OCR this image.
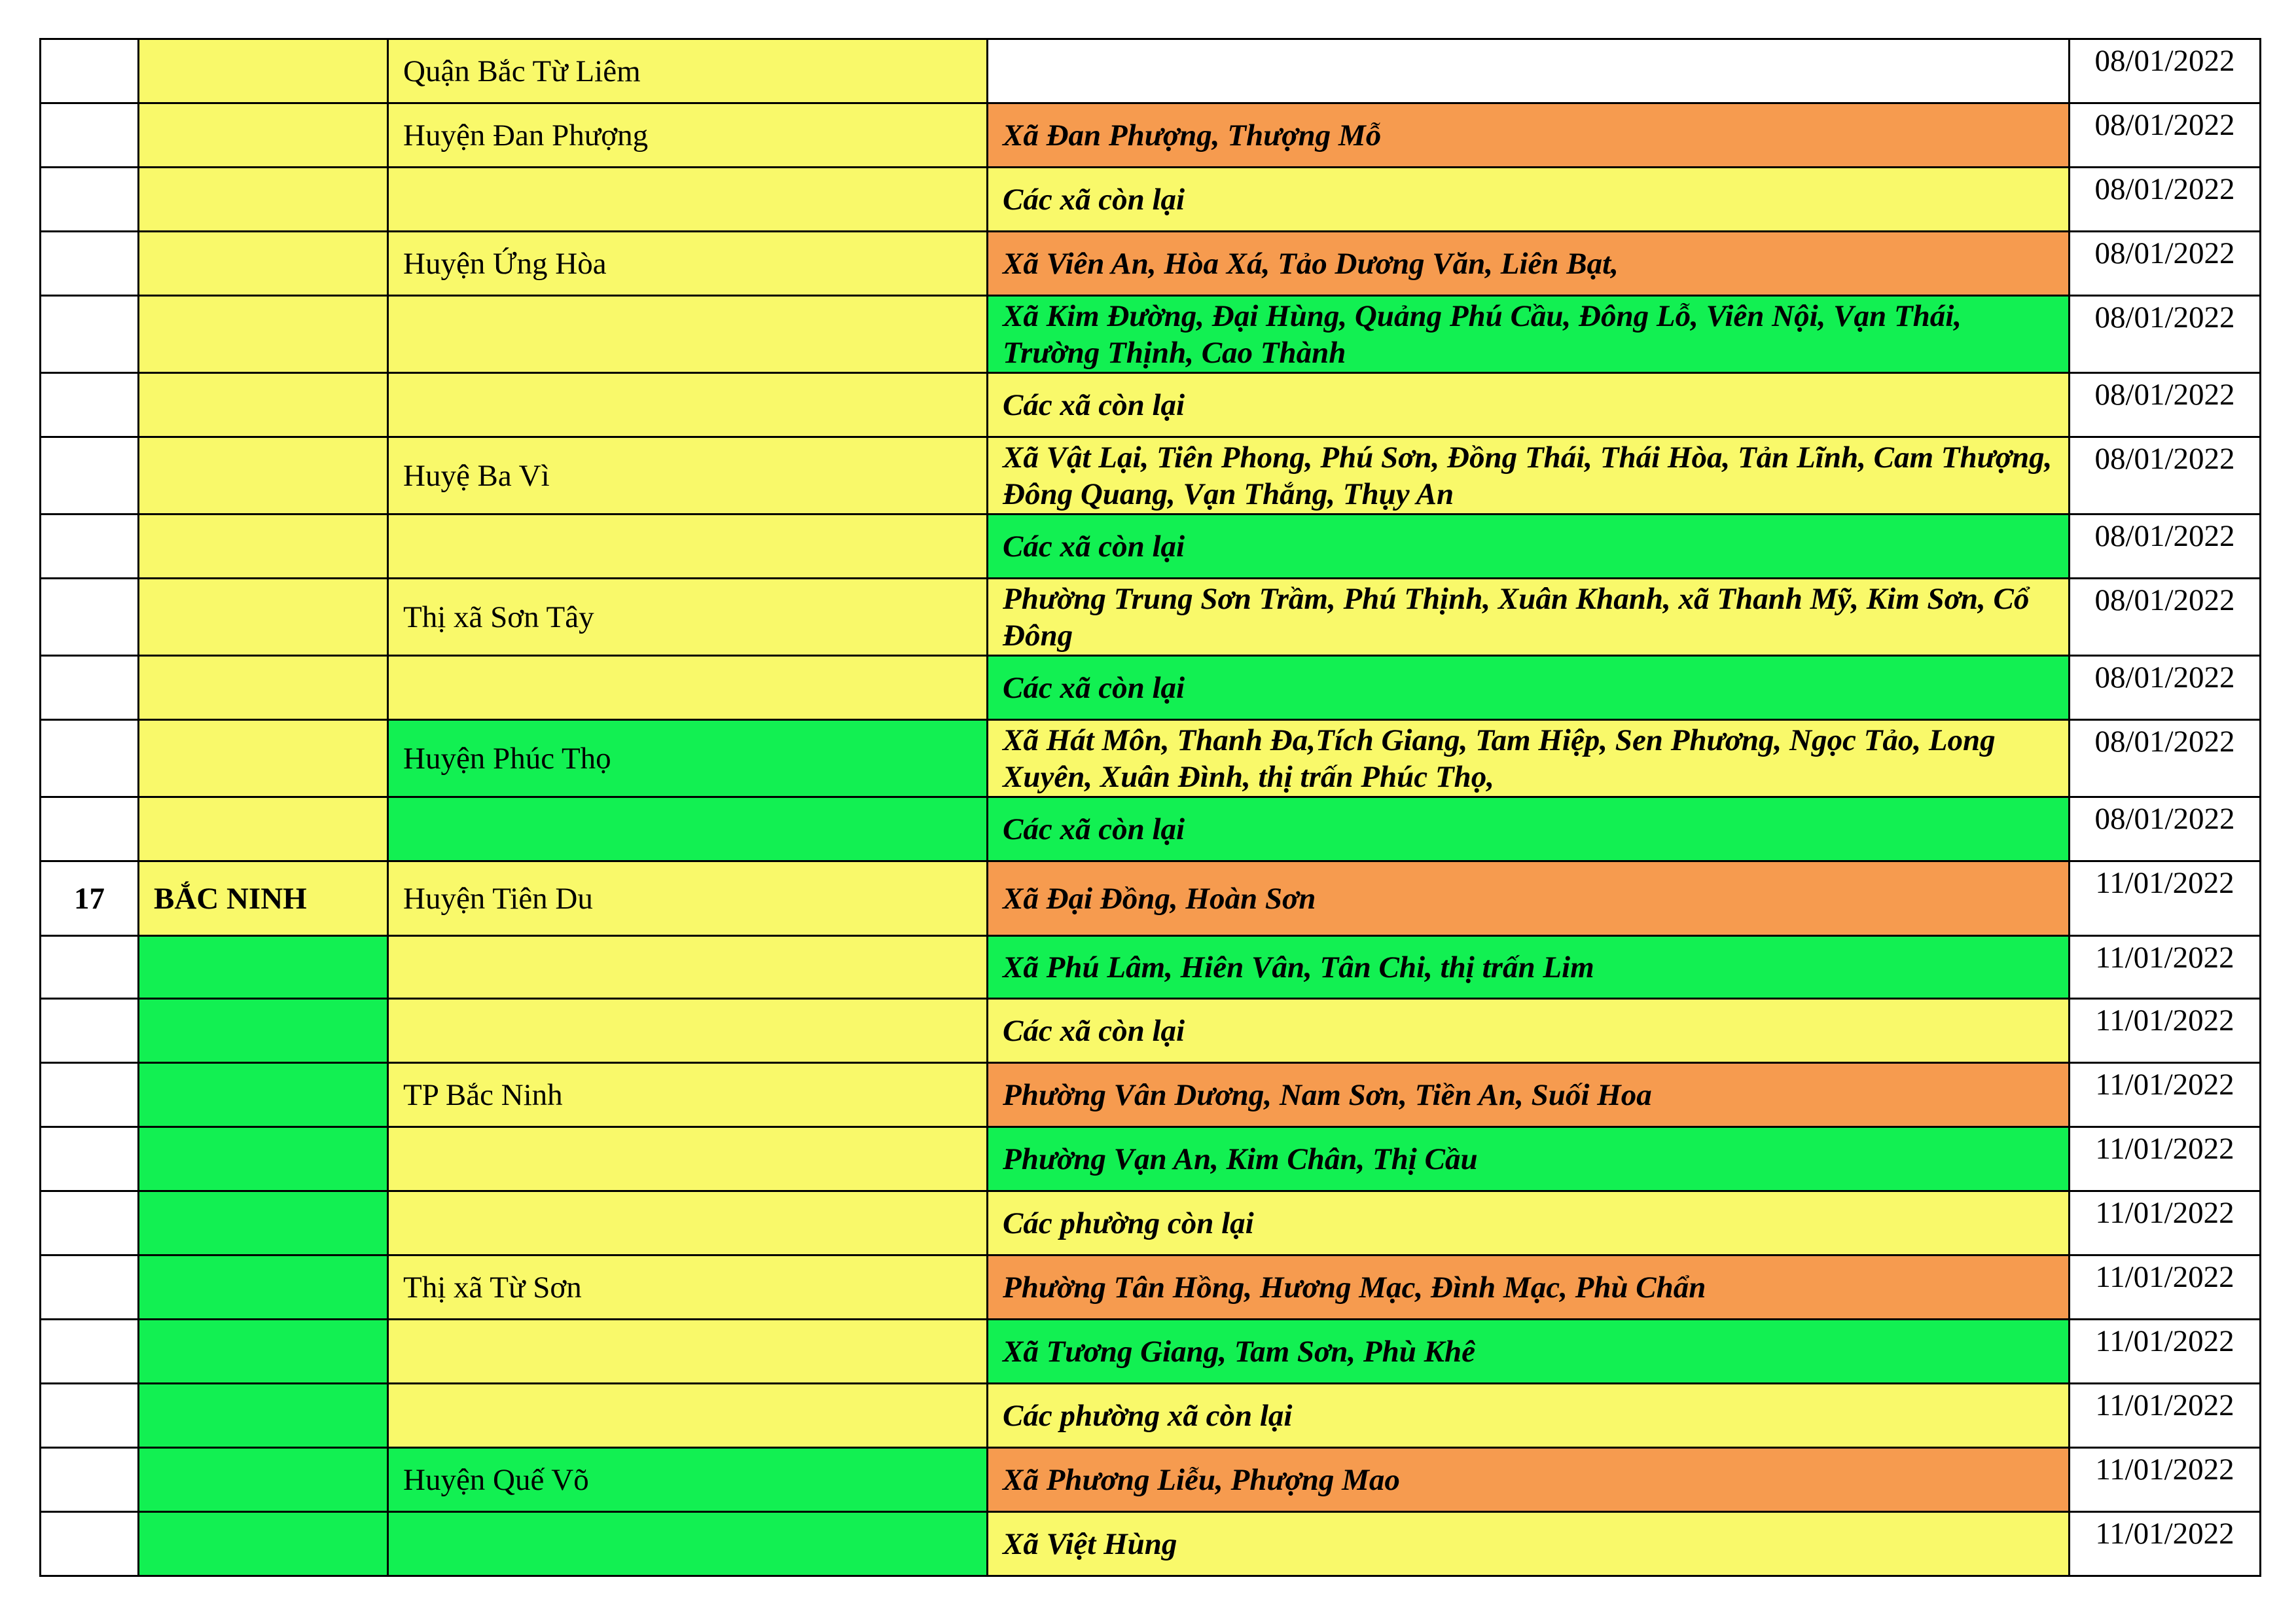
		Quận Bắc Từ Liêm		08/01/2022
		Huyện Đan Phượng	Xã Đan Phượng, Thượng Mỗ	08/01/2022
			Các xã còn lại	08/01/2022
		Huyện Ứng Hòa	Xã Viên An, Hòa Xá, Tảo Dương Văn, Liên Bạt,	08/01/2022
			Xã Kim Đường, Đại Hùng, Quảng Phú Cầu, Đông Lỗ, Viên Nội, Vạn Thái, Trường Thịnh, Cao Thành	08/01/2022
			Các xã còn lại	08/01/2022
		Huyệ Ba Vì	Xã Vật Lại, Tiên Phong, Phú Sơn, Đồng Thái, Thái Hòa, Tản Lĩnh, Cam Thượng, Đông Quang, Vạn Thắng, Thụy An	08/01/2022
			Các xã còn lại	08/01/2022
		Thị xã Sơn Tây	Phường Trung Sơn Trầm, Phú Thịnh, Xuân Khanh, xã Thanh Mỹ, Kim Sơn, Cổ Đông	08/01/2022
			Các xã còn lại	08/01/2022
		Huyện Phúc Thọ	Xã Hát Môn, Thanh Đa,Tích Giang, Tam Hiệp, Sen Phương, Ngọc Tảo, Long Xuyên, Xuân Đình, thị trấn Phúc Thọ,	08/01/2022
			Các xã còn lại	08/01/2022
17	BẮC NINH	Huyện Tiên Du	Xã Đại Đồng, Hoàn Sơn	11/01/2022
			Xã Phú Lâm, Hiên Vân, Tân Chi, thị trấn Lim	11/01/2022
			Các xã còn lại	11/01/2022
		TP Bắc Ninh	Phường Vân Dương, Nam Sơn, Tiền An, Suối Hoa	11/01/2022
			Phường Vạn An, Kim Chân, Thị Cầu	11/01/2022
			Các phường còn lại	11/01/2022
		Thị xã Từ Sơn	Phường Tân Hồng, Hương Mạc, Đình Mạc, Phù Chẩn	11/01/2022
			Xã Tương Giang, Tam Sơn, Phù Khê	11/01/2022
			Các phường xã còn lại	11/01/2022
		Huyện Quế Võ	Xã Phương Liễu, Phượng Mao	11/01/2022
			Xã Việt Hùng	11/01/2022
